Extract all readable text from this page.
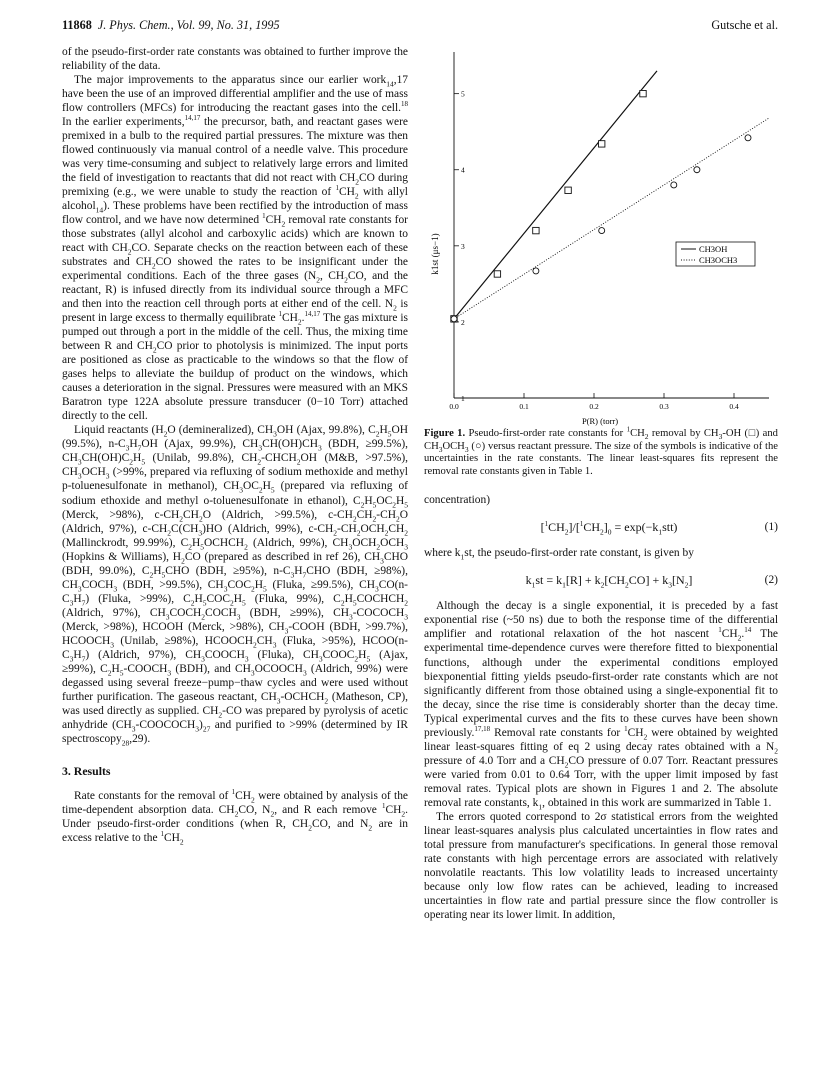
11868 J. Phys. Chem., Vol. 99, No. 31, 1995	Gutsche et al.

of the pseudo-first-order rate constants was obtained to further improve the reliability of the data.

The major improvements to the apparatus since our earlier work$_{14}$,17 have been the use of an improved differential amplifier and the use of mass flow controllers (MFCs) for introducing the reactant gases into the cell.$^{18}$ In the earlier experiments,$^{14,17}$ the precursor, bath, and reactant gases were premixed in a bulb to the required partial pressures. The mixture was then flowed continuously via manual control of a needle valve. This procedure was very time-consuming and subject to relatively large errors and limited the field of investigation to reactants that did not react with $CH_2CO$ during premixing (e.g., we were unable to study the reaction of $^1CH_2$ with allyl alcohol$_{14}$). These problems have been rectified by the introduction of mass flow control, and we have now determined $^1CH_2$ removal rate constants for those substrates (allyl alcohol and carboxylic acids) which are known to react with $CH_2CO$. Separate checks on the reaction between each of these substrates and $CH_2CO$ showed the rates to be insignificant under the experimental conditions. Each of the three gases ($N_2$, $CH_2CO$, and the reactant, R) is infused directly from its individual source through a MFC and then into the reaction cell through ports at either end of the cell. $N_2$ is present in large excess to thermally equilibrate $^1CH_2.^{14,17}$ The gas mixture is pumped out through a port in the middle of the cell. Thus, the mixing time between R and $CH_2CO$ prior to photolysis is minimized. The input ports are positioned as close as practicable to the windows so that the flow of gases helps to alleviate the buildup of product on the windows, which causes a deterioration in the signal. Pressures were measured with an MKS Baratron type 122A absolute pressure transducer (0−10 Torr) attached directly to the cell.

Liquid reactants ($H_2O$ (demineralized), $CH_3OH$ (Ajax, 99.8%), $C_2H_5OH$ (99.5%), $n-C_3H_7OH$ (Ajax, 99.9%), $CH_3CH(OH)CH_3$ (BDH, ≥99.5%), $CH_3CH(OH)C_2H_5$ (Unilab, 99.8%), $CH_2-CHCH_2OH$ (M&B, >97.5%), $CH_3OCH_3$ (>99%, prepared via refluxing of sodium methoxide and methyl p-toluenesulfonate in methanol), $CH_3OC_2H_5$ (prepared via refluxing of sodium ethoxide and methyl o-toluenesulfonate in ethanol), $C_2H_5OC_2H_5$ (Merck, >98%), $c-CH_2CH_2O$ (Aldrich, >99.5%), $c-CH_2CH_2-CH_2O$ (Aldrich, 97%), $c-CH_2C(CH_3)HO$ (Aldrich, 99%), $c-CH_2-CH_2OCH_2CH_2$ (Mallinckrodt, 99.99%), $C_2H_5OCHCH_2$ (Aldrich, 99%), $CH_3OCH_2OCH_3$ (Hopkins & Williams), $H_2CO$ (prepared as described in ref 26), $CH_3CHO$ (BDH, 99.0%), $C_2H_5CHO$ (BDH, ≥95%), $n-C_3H_7CHO$ (BDH, ≥98%), $CH_3COCH_3$ (BDH, >99.5%), $CH_3COC_2H_5$ (Fluka, ≥99.5%), $CH_3CO(n-C_3H_7)$ (Fluka, >99%), $C_2H_5COC_2H_5$ (Fluka, 99%), $C_2H_5COCHCH_2$ (Aldrich, 97%), $CH_3COCH_2COCH_3$ (BDH, ≥99%), $CH_3-COCOCH_3$ (Merck, >98%), HCOOH (Merck, >98%), $CH_3$-COOH (BDH, >99.7%), $HCOOCH_3$ (Unilab, ≥98%), $HCOOCH_2CH_3$ (Fluka, >95%), $HCOO(n-C_3H_7)$ (Aldrich, 97%), $CH_3COOCH_3$ (Fluka), $CH_3COOC_2H_5$ (Ajax, ≥99%), $C_2H_5-COOCH_3$ (BDH), and $CH_3OCOOCH_3$ (Aldrich, 99%) were degassed using several freeze−pump−thaw cycles and were used without further purification. The gaseous reactant, $CH_3-OCHCH_2$ (Matheson, CP), was used directly as supplied. $CH_2-CO$ was prepared by pyrolysis of acetic anhydride $(CH_3-COOCOCH_3)_{27}$ and purified to >99% (determined by IR spectroscopy$_{28}$,29).

3. Results

Rate constants for the removal of $^1CH_2$ were obtained by analysis of the time-dependent absorption data. $CH_2CO$, $N_2$, and R each remove $^1CH_2$. Under pseudo-first-order conditions (when R, $CH_2CO$, and $N_2$ are in excess relative to the $^1CH_2$

0.0	0.1	0.2	0.3	0.4
1
2
3
4
5
CH3OH
CH3OCH3
k1st (μs−1)
P(R) (torr)

Figure 1. Pseudo-first-order rate constants for $^1CH_2$ removal by $CH_3-OH$ (□) and $CH_3OCH_3$ (○) versus reactant pressure. The size of the symbols is indicative of the uncertainties in the rate constants. The linear least-squares fits represent the removal rate constants given in Table 1.

concentration)

$[^1CH_2]/[^1CH_2]_0 = \exp(-k_1stt)$	(1)

where $k_1st$, the pseudo-first-order rate constant, is given by

$k_1st = k_1[R] + k_2[CH_2CO] + k_3[N_2]$	(2)

Although the decay is a single exponential, it is preceded by a fast exponential rise (~50 ns) due to both the response time of the differential amplifier and rotational relaxation of the hot nascent $^1CH_2.^{14}$ The experimental time-dependence curves were therefore fitted to biexponential functions, although under the experimental conditions employed biexponential fitting yields pseudo-first-order rate constants which are not significantly different from those obtained using a single-exponential fit to the decay, since the rise time is considerably shorter than the decay time. Typical experimental curves and the fits to these curves have been shown previously.$^{17,18}$ Removal rate constants for $^1CH_2$ were obtained by weighted linear least-squares fitting of eq 2 using decay rates obtained with a $N_2$ pressure of 4.0 Torr and a $CH_2CO$ pressure of 0.07 Torr. Reactant pressures were varied from 0.01 to 0.64 Torr, with the upper limit imposed by fast removal rates. Typical plots are shown in Figures 1 and 2. The absolute removal rate constants, $k_1$, obtained in this work are summarized in Table 1.

The errors quoted correspond to 2σ statistical errors from the weighted linear least-squares analysis plus calculated uncertainties in flow rates and total pressure from manufacturer's specifications. In general those removal rate constants with high percentage errors are associated with relatively nonvolatile reactants. This low volatility leads to increased uncertainty because only low flow rates can be achieved, leading to increased uncertainties in flow rate and partial pressure since the flow controller is operating near its lower limit. In addition,
